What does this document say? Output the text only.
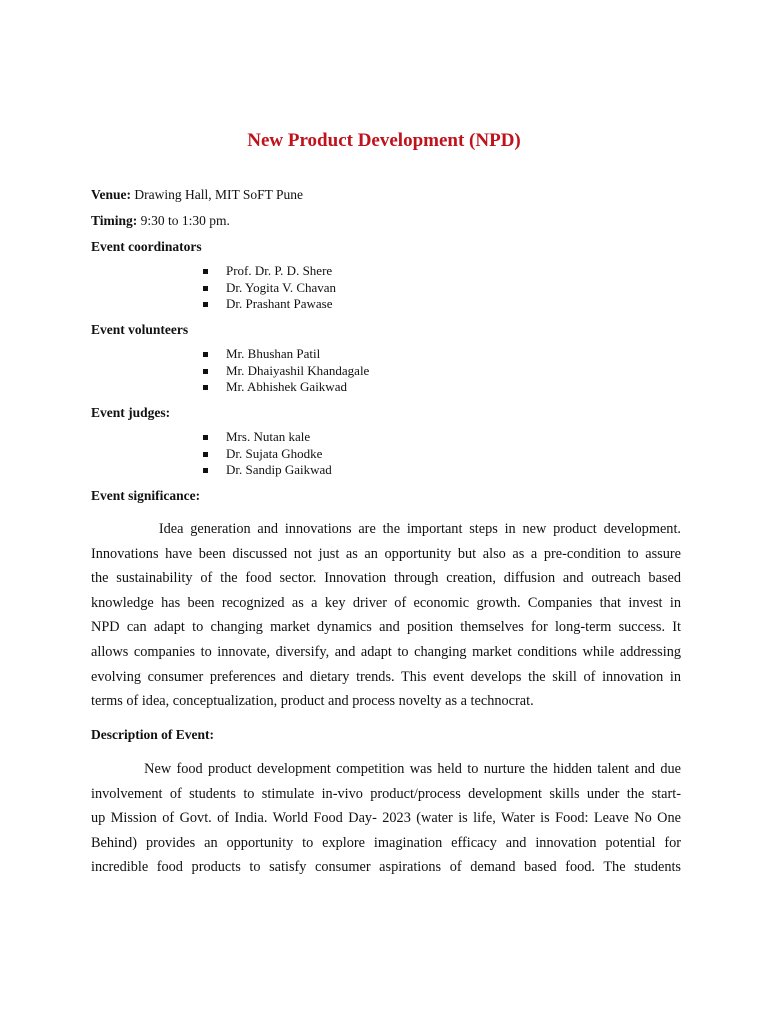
New Product Development (NPD)

Venue: Drawing Hall, MIT SoFT Pune

Timing: 9:30 to 1:30 pm.

Event coordinators

Prof. Dr. P. D. Shere
Dr. Yogita V. Chavan
Dr. Prashant Pawase

Event volunteers

Mr. Bhushan Patil
Mr. Dhaiyashil Khandagale
Mr. Abhishek Gaikwad

Event judges:

Mrs. Nutan kale
Dr. Sujata Ghodke
Dr. Sandip Gaikwad

Event significance:

Idea generation and innovations are the important steps in new product development.
Innovations have been discussed not just as an opportunity but also as a pre-condition to assure
the sustainability of the food sector. Innovation through creation, diffusion and outreach based
knowledge has been recognized as a key driver of economic growth. Companies that invest in
NPD can adapt to changing market dynamics and position themselves for long-term success. It
allows companies to innovate, diversify, and adapt to changing market conditions while addressing
evolving consumer preferences and dietary trends. This event develops the skill of innovation in
terms of idea, conceptualization, product and process novelty as a technocrat.

Description of Event:

New food product development competition was held to nurture the hidden talent and due
involvement of students to stimulate in-vivo product/process development skills under the start-
up Mission of Govt. of India. World Food Day- 2023 (water is life, Water is Food: Leave No One
Behind) provides an opportunity to explore imagination efficacy and innovation potential for
incredible food products to satisfy consumer aspirations of demand based food. The students
